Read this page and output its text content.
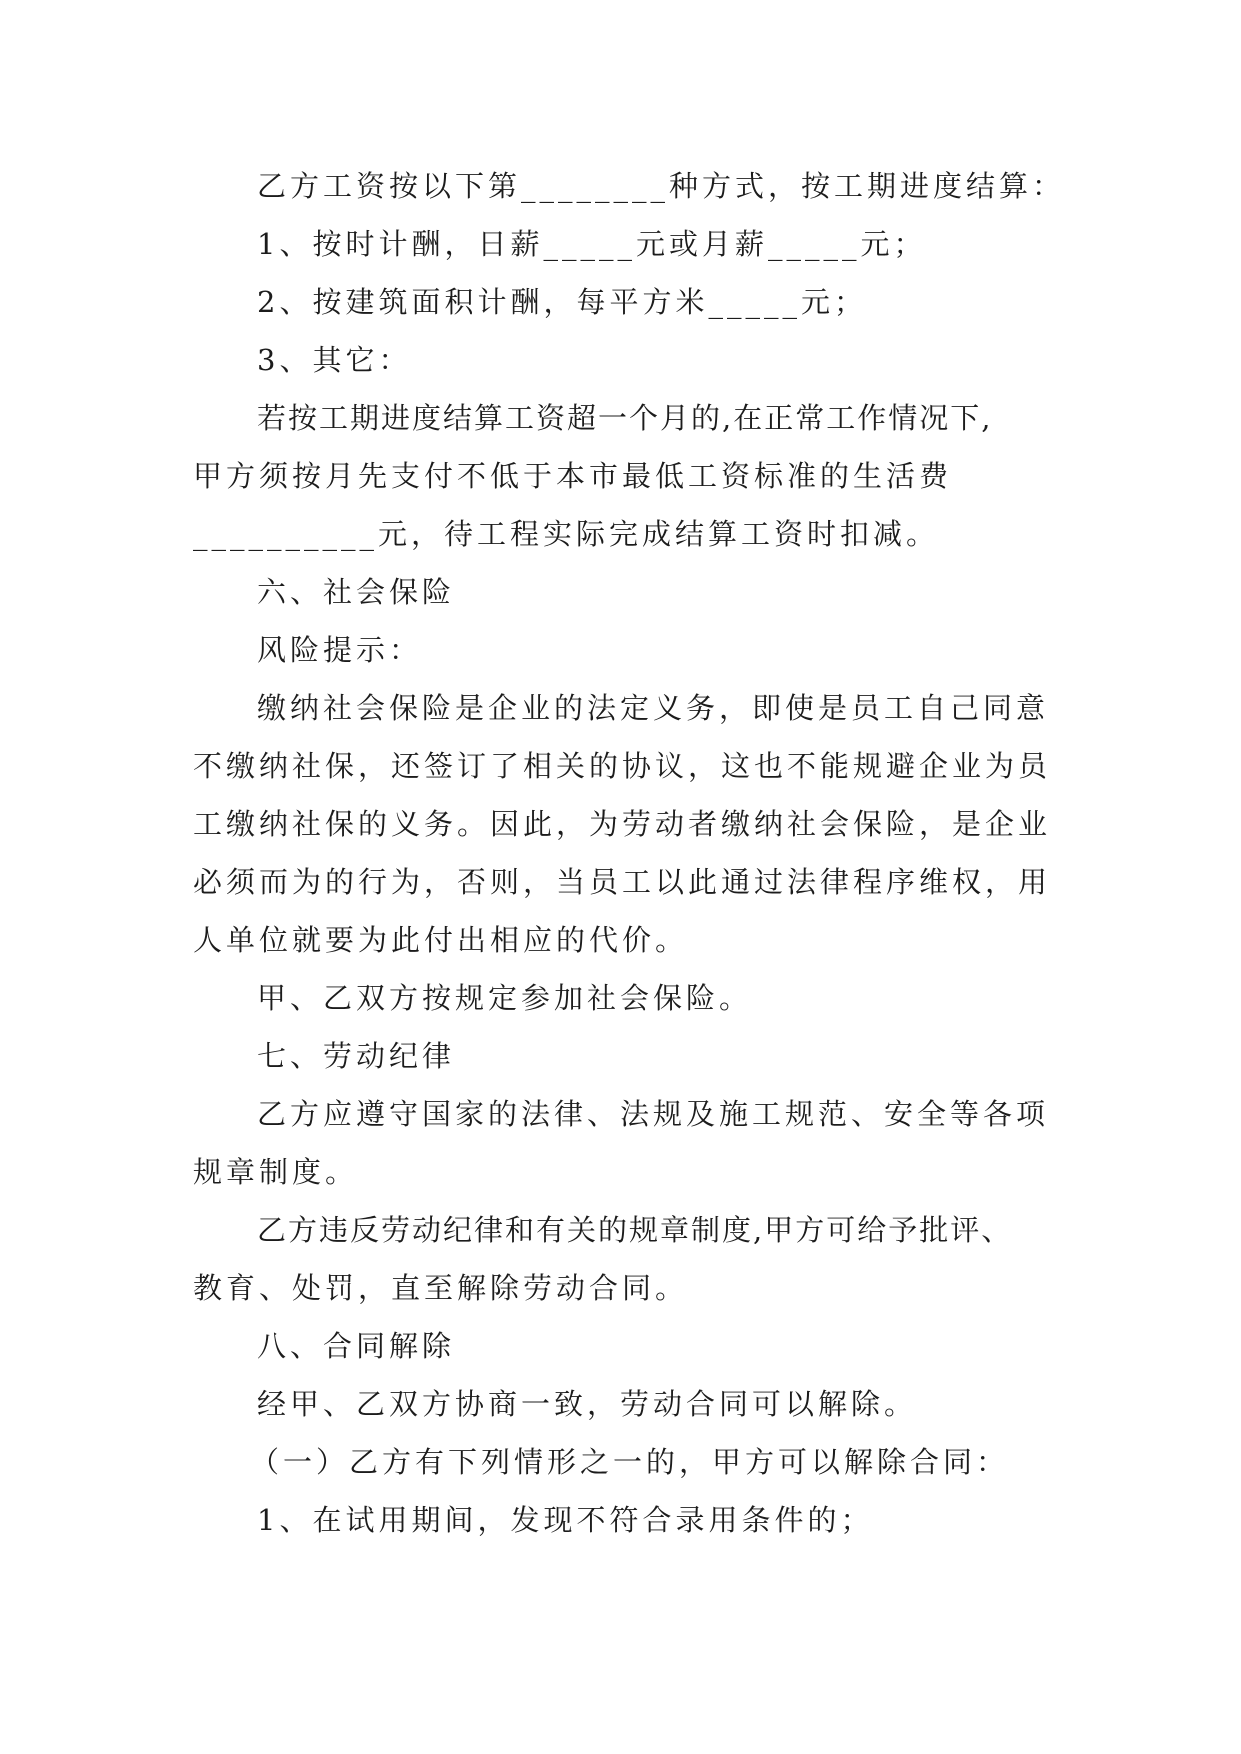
乙方工资按以下第________种方式，按工期进度结算：
1、按时计酬，日薪_____元或月薪_____元；
2、按建筑面积计酬，每平方米_____元；
3、其它：
若按工期进度结算工资超一个月的,在正常工作情况下,
甲方须按月先支付不低于本市最低工资标准的生活费
__________元，待工程实际完成结算工资时扣减。
六、社会保险
风险提示：
缴纳社会保险是企业的法定义务，即使是员工自己同意
不缴纳社保，还签订了相关的协议，这也不能规避企业为员
工缴纳社保的义务。因此，为劳动者缴纳社会保险，是企业
必须而为的行为，否则，当员工以此通过法律程序维权，用
人单位就要为此付出相应的代价。
甲、乙双方按规定参加社会保险。
七、劳动纪律
乙方应遵守国家的法律、法规及施工规范、安全等各项
规章制度。
乙方违反劳动纪律和有关的规章制度,甲方可给予批评、
教育、处罚，直至解除劳动合同。
八、合同解除
经甲、乙双方协商一致，劳动合同可以解除。
（一）乙方有下列情形之一的，甲方可以解除合同：
1、在试用期间，发现不符合录用条件的；
